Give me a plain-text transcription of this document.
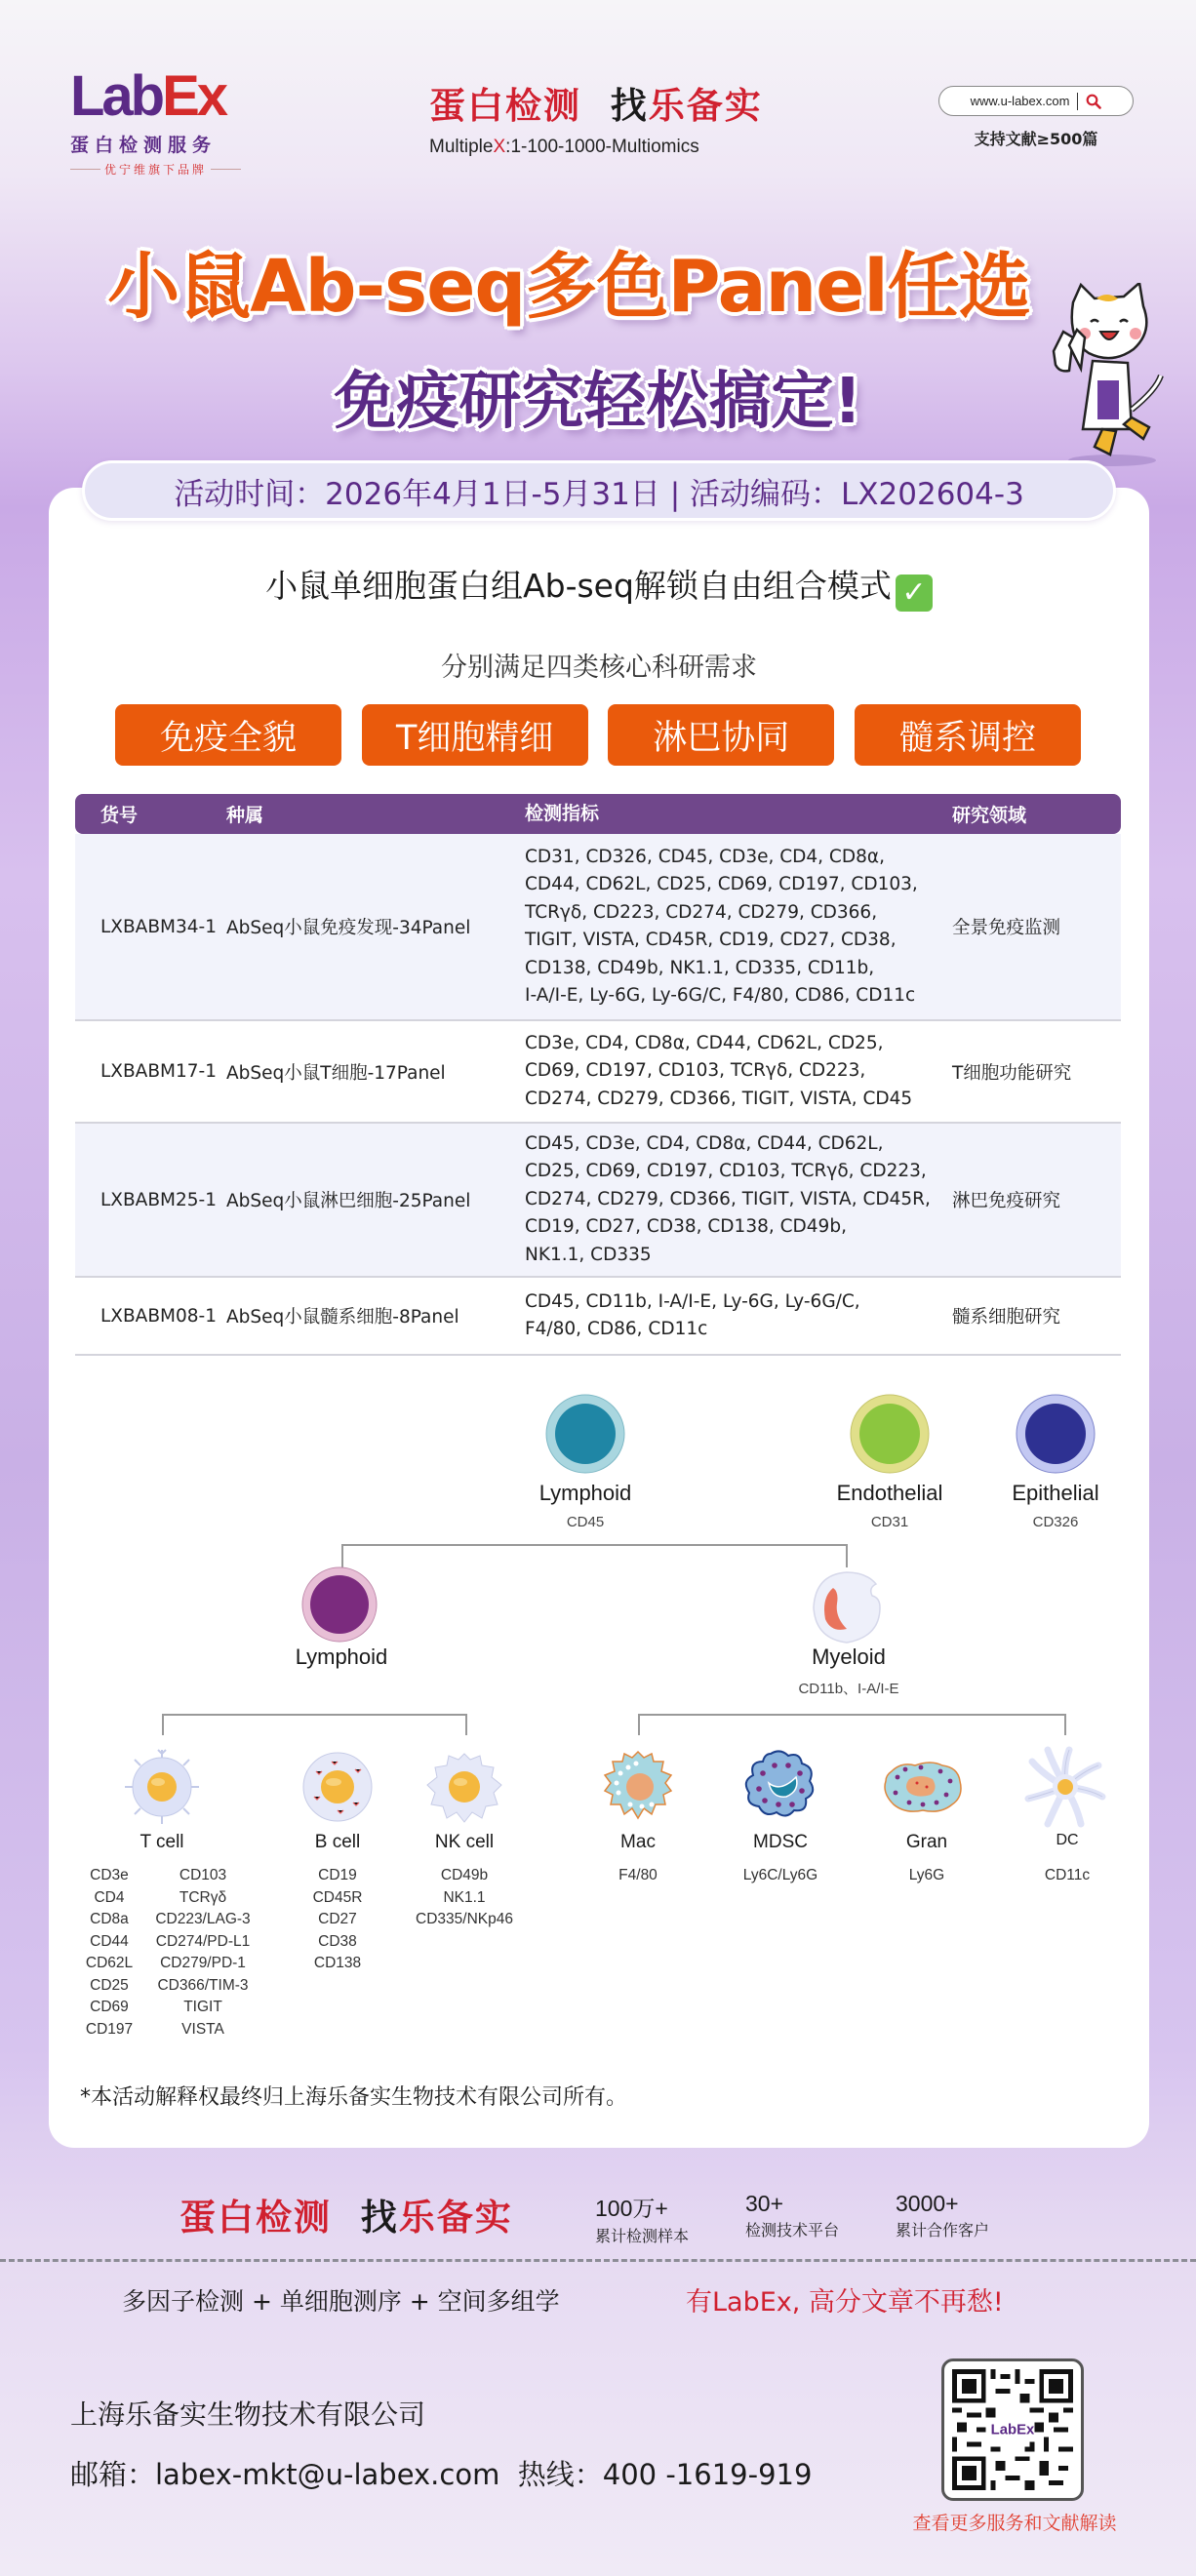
LabEx
蛋白检测服务
优宁维旗下品牌
蛋白检测 找乐备实
MultipleX:1-100-1000-Multiomics
www.u-labex.com
支持文献≥500篇
小鼠Ab-seq多色Panel任选
免疫研究轻松搞定!
活动时间：2026年4月1日-5月31日 | 活动编码：LX202604-3
小鼠单细胞蛋白组Ab-seq解锁自由组合模式 ✓
分别满足四类核心科研需求
免疫全貌	T细胞精细	淋巴协同	髓系调控
货号	种属	检测指标	研究领域
LXBABM34-1 AbSeq小鼠免疫发现-34Panel
CD31, CD326, CD45, CD3e, CD4, CD8α,
CD44, CD62L, CD25, CD69, CD197, CD103,
TCRγδ, CD223, CD274, CD279, CD366,
TIGIT, VISTA, CD45R, CD19, CD27, CD38,
CD138, CD49b, NK1.1, CD335, CD11b,
I-A/I-E, Ly-6G, Ly-6G/C, F4/80, CD86, CD11c
全景免疫监测
LXBABM17-1 AbSeq小鼠T细胞-17Panel
CD3e, CD4, CD8α, CD44, CD62L, CD25,
CD69, CD197, CD103, TCRγδ, CD223,
CD274, CD279, CD366, TIGIT, VISTA, CD45
T细胞功能研究
LXBABM25-1 AbSeq小鼠淋巴细胞-25Panel
CD45, CD3e, CD4, CD8α, CD44, CD62L,
CD25, CD69, CD197, CD103, TCRγδ, CD223,
CD274, CD279, CD366, TIGIT, VISTA, CD45R,
CD19, CD27, CD38, CD138, CD49b,
NK1.1, CD335
淋巴免疫研究
LXBABM08-1 AbSeq小鼠髓系细胞-8Panel
CD45, CD11b, I-A/I-E, Ly-6G, Ly-6G/C,
F4/80, CD86, CD11c
髓系细胞研究
Lymphoid
CD45
Endothelial
CD31
Epithelial
CD326
Lymphoid	Myeloid
CD11b、I-A/I-E
T cell
CD3e
CD4
CD8a
CD44
CD62L
CD25
CD69
CD197
CD103
TCRγδ
CD223/LAG-3
CD274/PD-L1
CD279/PD-1
CD366/TIM-3
TIGIT
VISTA
B cell
CD19
CD45R
CD27
CD38
CD138
NK cell
CD49b
NK1.1
CD335/NKp46
Mac
F4/80
MDSC
Ly6C/Ly6G
Gran
Ly6G
DC
CD11c
*本活动解释权最终归上海乐备实生物技术有限公司所有。
蛋白检测 找乐备实	100万+
累计检测样本
30+
检测技术平台
3000+
累计合作客户
多因子检测 + 单细胞测序 + 空间多组学	有LabEx, 高分文章不再愁!
上海乐备实生物技术有限公司
邮箱：labex-mkt@u-labex.com  热线：400 -1619-919
LabEx
查看更多服务和文献解读
